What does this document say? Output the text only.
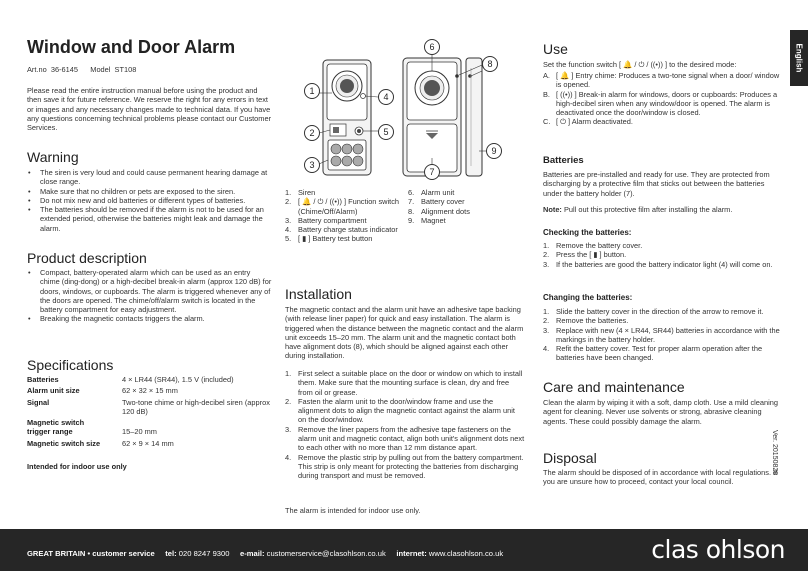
English
Ver. 20150828
Window and Door Alarm
Art.no 36-6145 Model ST108

Please read the entire instruction manual before using the product and then save it for future reference. We reserve the right for any errors in text or images and any necessary changes made to technical data. If you have any questions concerning technical problems please contact our Customer Services.

Warning
• The siren is very loud and could cause permanent hearing damage at close range.
• Make sure that no children or pets are exposed to the siren.
• Do not mix new and old batteries or different types of batteries.
• The batteries should be removed if the alarm is not to be used for an extended period, otherwise the batteries might leak and damage the alarm.
Product description
• Compact, battery-operated alarm which can be used as an entry chime (ding-dong) or a high-decibel break-in alarm (approx 120 dB) for doors, windows, or cupboards. The alarm is triggered whenever any of the doors are opened. The chime/off/alarm switch is located in the battery compartment for easy adjustment.
• Breaking the magnetic contacts triggers the alarm.
Specifications
Batteries	4 × LR44 (SR44), 1.5 V (included)
Alarm unit size	62 × 32 × 15 mm
Signal	Two-tone chime or high-decibel siren (approx 120 dB)
Magnetic switch
trigger range	15–20 mm
Magnetic switch size	62 × 9 × 14 mm
Intended for indoor use only
1
2
3
4
5
6
7
8
9
1. Siren
2. [ 🔔 / ⏻ / ((•)) ] Function switch (Chime/Off/Alarm)
3. Battery compartment
4. Battery charge status indicator
5. [ ▮ ] Battery test button
6. Alarm unit
7. Battery cover
8. Alignment dots
9. Magnet
Installation

The magnetic contact and the alarm unit have an adhesive tape backing (with release liner paper) for quick and easy installation. The alarm is triggered when the distance between the magnetic contact and the alarm unit exceeds 15–20 mm. The alarm unit and the magnetic contact both have alignment dots (8), which should be aligned against each other during installation.

1. First select a suitable place on the door or window on which to install them. Make sure that the mounting surface is clean, dry and free from oil or grease.
2. Fasten the alarm unit to the door/window frame and use the alignment dots to align the magnetic contact against the alarm unit on the door/window.
3. Remove the liner papers from the adhesive tape fasteners on the alarm unit and magnetic contact, align both unit's alignment dots next to each other with no more than 12 mm distance apart.
4. Remove the plastic strip by pulling out from the battery compartment. This strip is only meant for protecting the batteries from discharging during transport and must be removed.

The alarm is intended for indoor use only.

Use

Set the function switch [ 🔔 / ⏻ / ((•)) ] to the desired mode:

A. [ 🔔 ] Entry chime: Produces a two-tone signal when a door/ window is opened.
B. [ ((•)) ] Break-in alarm for windows, doors or cupboards: Produces a high-decibel siren when any window/door is opened. The alarm is deactivated once the door/window is closed.
C. [ ⏻ ] Alarm deactivated.
Batteries

Batteries are pre-installed and ready for use. They are protected from discharging by a protective film that sticks out between the batteries under the battery holder (7).

Note: Pull out this protective film after installing the alarm.

Checking the batteries:
1. Remove the battery cover.
2. Press the [ ▮ ] button.
3. If the batteries are good the battery indicator light (4) will come on.
Changing the batteries:
1. Slide the battery cover in the direction of the arrow to remove it.
2. Remove the batteries.
3. Replace with new (4 × LR44, SR44) batteries in accordance with the markings in the battery holder.
4. Refit the battery cover. Test for proper alarm operation after the batteries have been changed.
Care and maintenance

Clean the alarm by wiping it with a soft, damp cloth. Use a mild cleaning agent for cleaning. Never use solvents or strong, abrasive cleaning agents. These could possibly damage the alarm.

Disposal

The alarm should be disposed of in accordance with local regulations. If you are unsure how to proceed, contact your local council.

GREAT BRITAIN • customer service tel: 020 8247 9300 e-mail: customerservice@clasohlson.co.uk internet: www.clasohlson.co.uk	clas ohlson
